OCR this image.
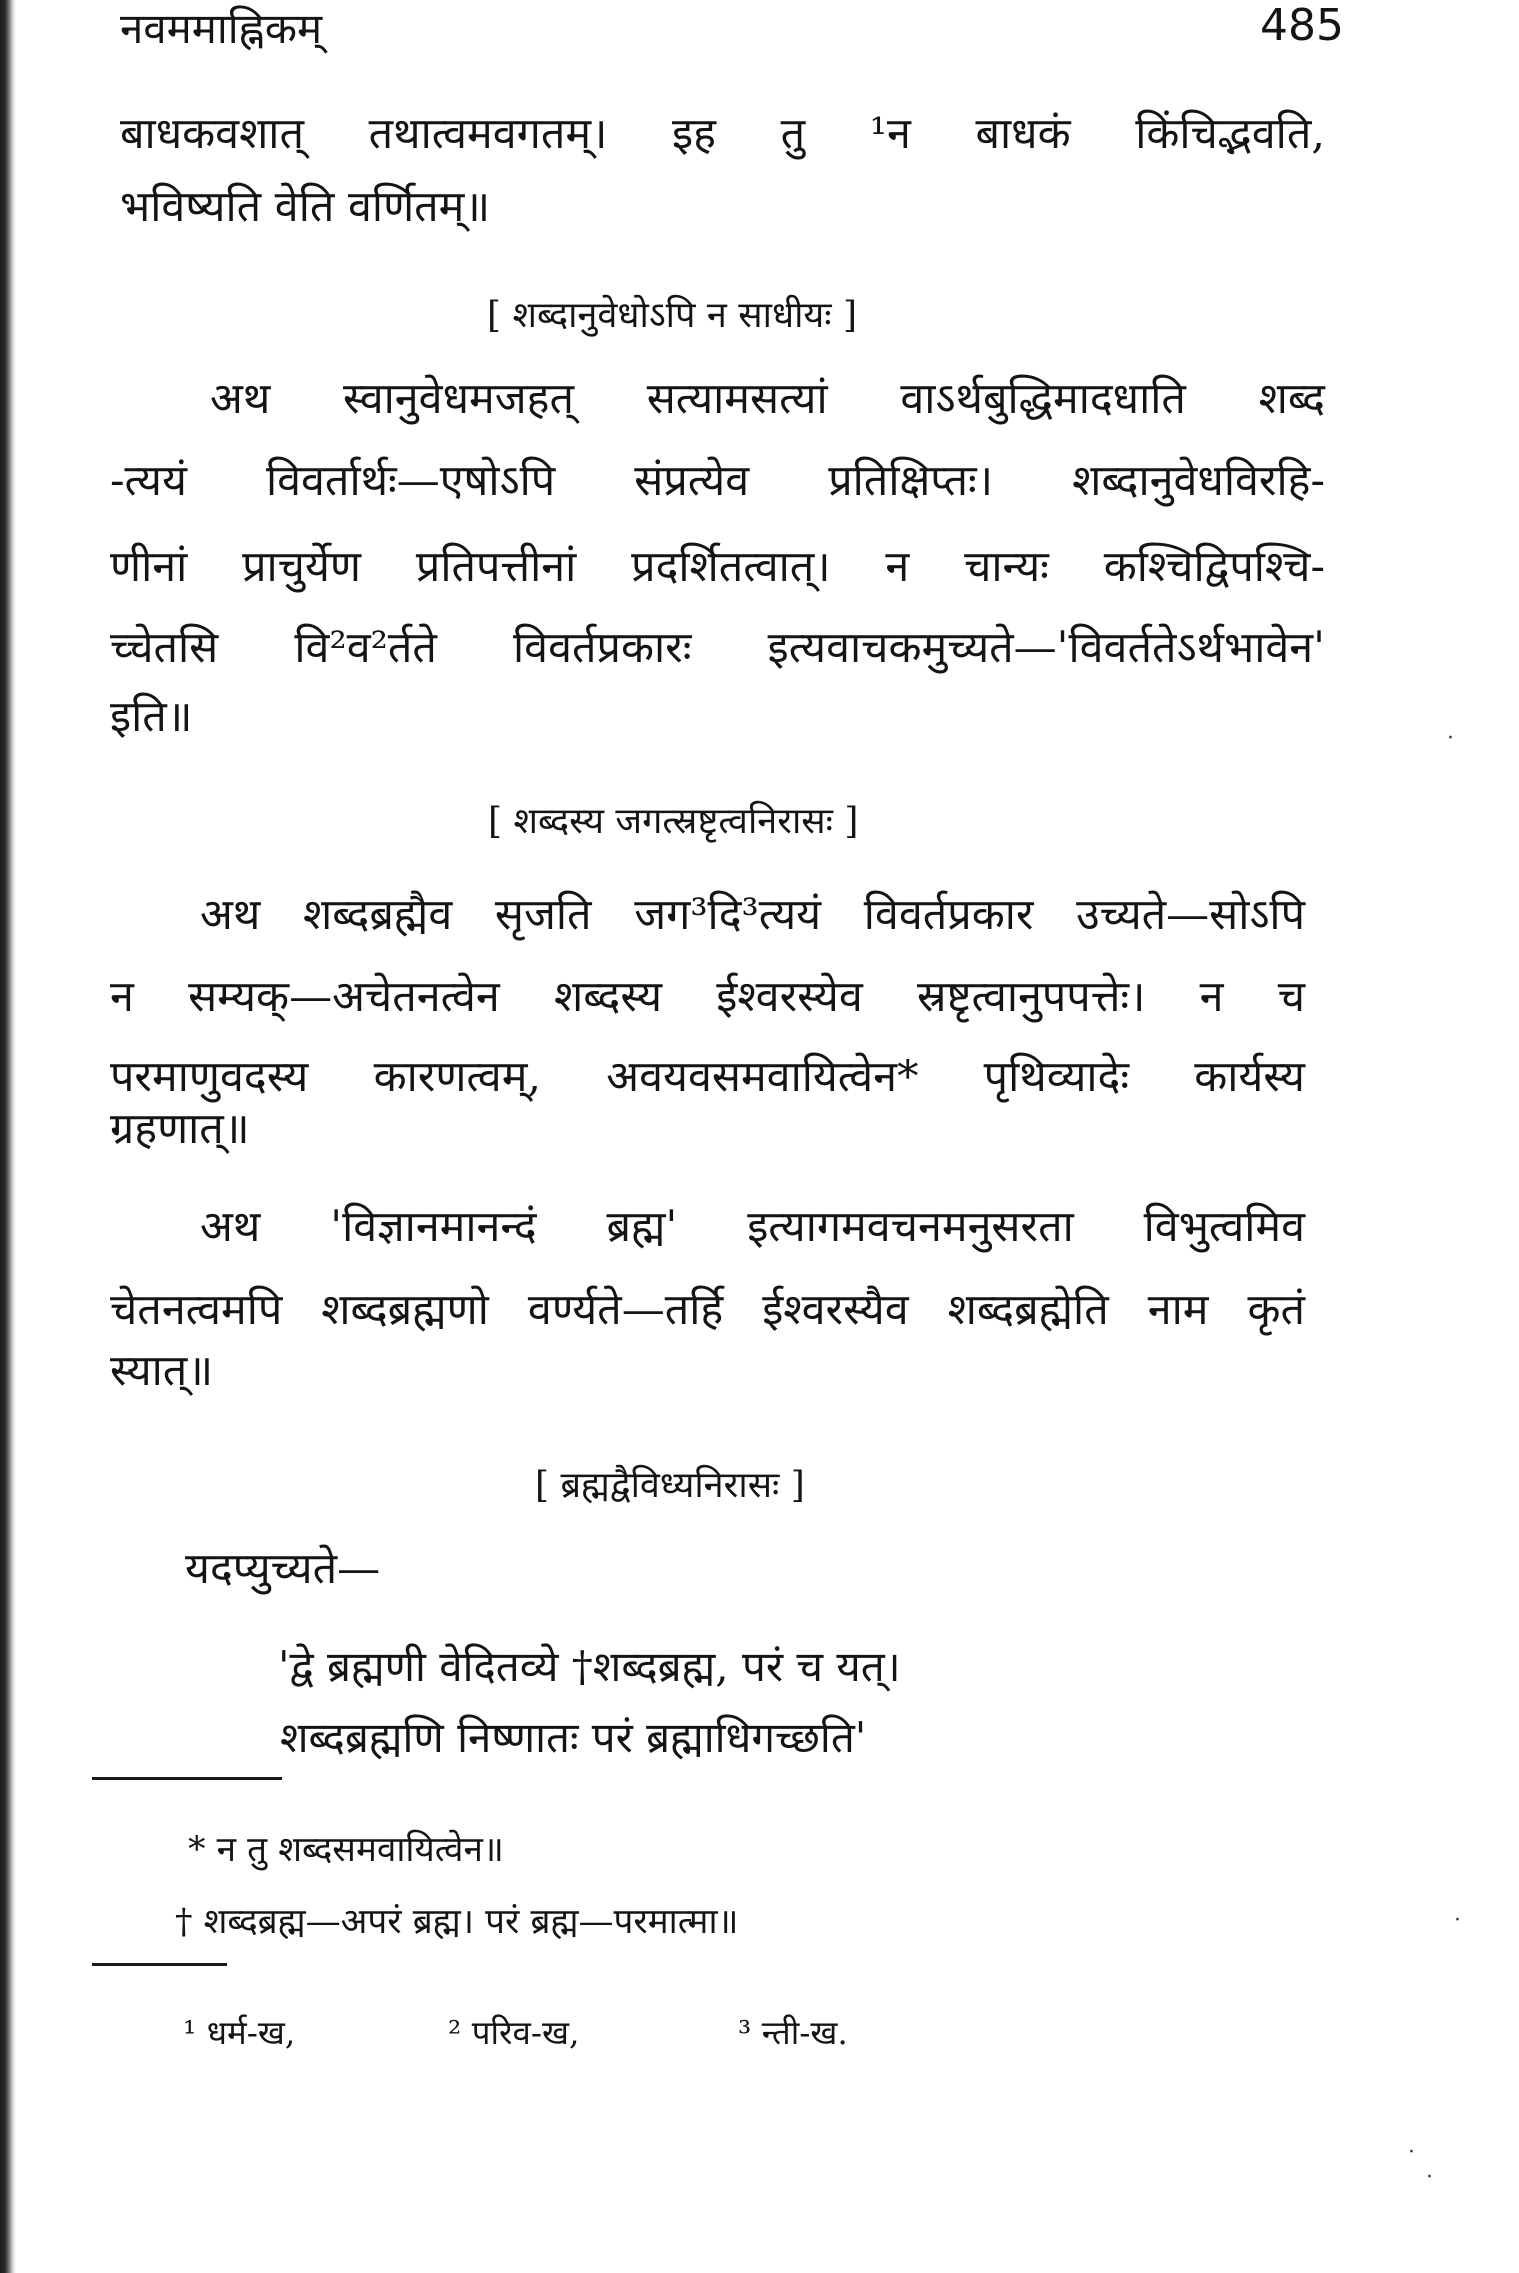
नवममाह्निकम्	485
बाधकवशात् तथात्वमवगतम्। इह तु ¹न बाधकं किंचिद्भवति,
भविष्यति वेति वर्णितम्॥
[ शब्दानुवेधोऽपि न साधीयः ]
अथ स्वानुवेधमजहत् सत्यामसत्यां वाऽर्थबुद्धिमादधाति शब्द
-त्ययं विवर्तार्थः—एषोऽपि संप्रत्येव प्रतिक्षिप्तः। शब्दानुवेधविरहि-
णीनां प्राचुर्येण प्रतिपत्तीनां प्रदर्शितत्वात्। न चान्यः कश्चिद्विपश्चि-
च्चेतसि वि²व²र्तते विवर्तप्रकारः इत्यवाचकमुच्यते—'विवर्ततेऽर्थभावेन'
इति॥
[ शब्दस्य जगत्स्रष्टृत्वनिरासः ]
अथ शब्दब्रह्मैव सृजति जग³दि³त्ययं विवर्तप्रकार उच्यते—सोऽपि
न सम्यक्—अचेतनत्वेन शब्दस्य ईश्वरस्येव स्रष्टृत्वानुपपत्तेः। न च
परमाणुवदस्य कारणत्वम्, अवयवसमवायित्वेन* पृथिव्यादेः कार्यस्य
ग्रहणात्॥
अथ 'विज्ञानमानन्दं ब्रह्म' इत्यागमवचनमनुसरता विभुत्वमिव
चेतनत्वमपि शब्दब्रह्मणो वर्ण्यते—तर्हि ईश्वरस्यैव शब्दब्रह्मेति नाम कृतं
स्यात्॥
[ ब्रह्मद्वैविध्यनिरासः ]
यदप्युच्यते—
'द्वे ब्रह्मणी वेदितव्ये †शब्दब्रह्म, परं च यत्।
शब्दब्रह्मणि निष्णातः परं ब्रह्माधिगच्छति'
* न तु शब्दसमवायित्वेन॥
† शब्दब्रह्म—अपरं ब्रह्म। परं ब्रह्म—परमात्मा॥
¹ धर्म-ख,	² परिव-ख,	³ न्ती-ख.
·
·
·
·
